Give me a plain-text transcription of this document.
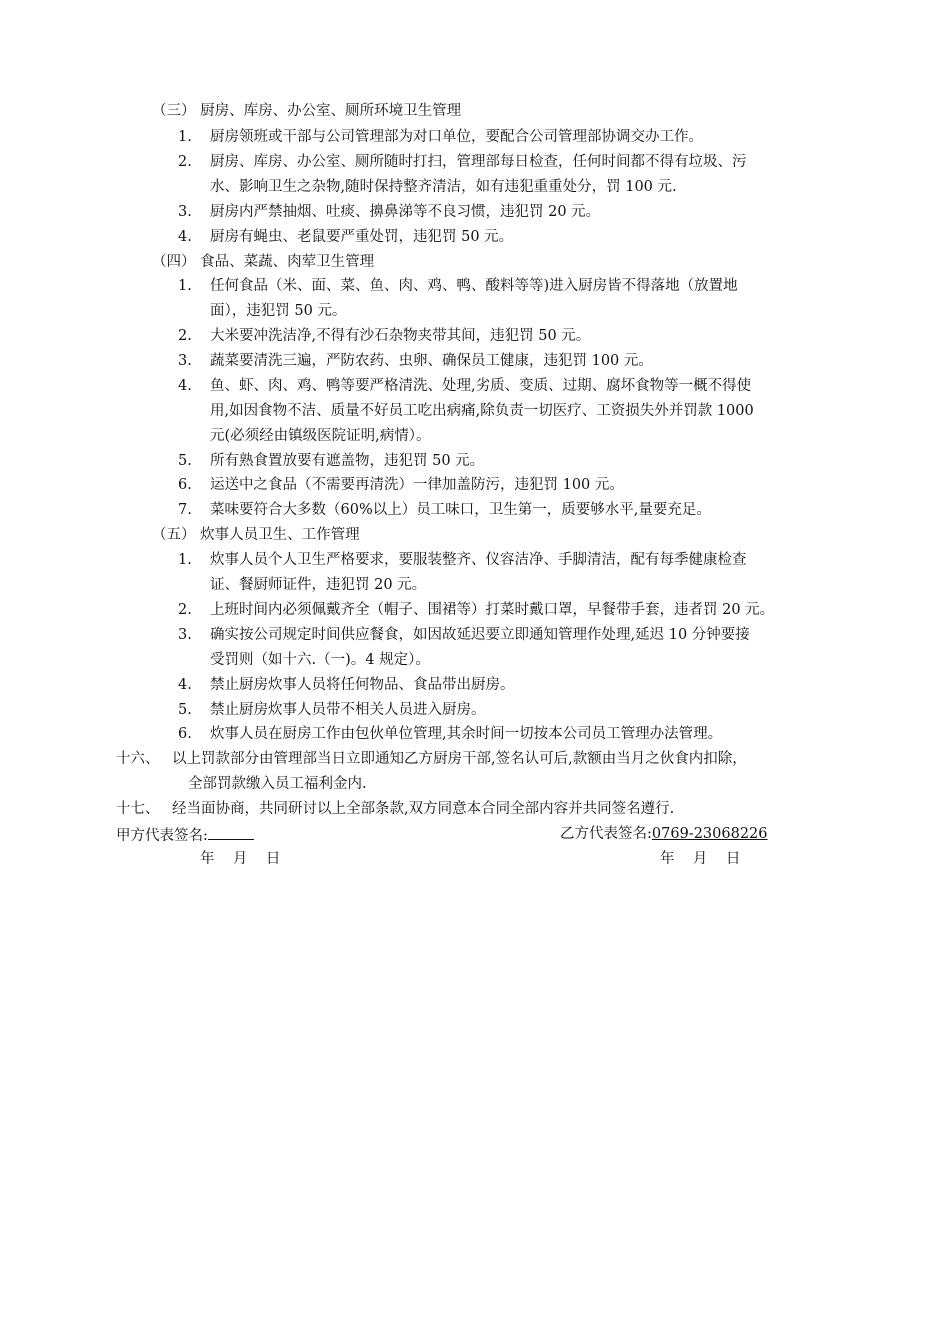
（三） 厨房、库房、办公室、厕所环境卫生管理
1. 厨房领班或干部与公司管理部为对口单位，要配合公司管理部协调交办工作。
2. 厨房、库房、办公室、厕所随时打扫，管理部每日检查，任何时间都不得有垃圾、污
水、影响卫生之杂物,随时保持整齐清洁，如有违犯重重处分，罚 100 元.
3. 厨房内严禁抽烟、吐痰、擤鼻涕等不良习惯，违犯罚 20 元。
4. 厨房有蝇虫、老鼠要严重处罚，违犯罚 50 元。
（四） 食品、菜蔬、肉荤卫生管理
1. 任何食品（米、面、菜、鱼、肉、鸡、鸭、酸料等等)进入厨房皆不得落地（放置地
面），违犯罚 50 元。
2. 大米要冲洗洁净,不得有沙石杂物夹带其间，违犯罚 50 元。
3. 蔬菜要清洗三遍，严防农药、虫卵、确保员工健康，违犯罚 100 元。
4. 鱼、虾、肉、鸡、鸭等要严格清洗、处理,劣质、变质、过期、腐坏食物等一概不得使
用,如因食物不洁、质量不好员工吃出病痛,除负责一切医疗、工资损失外并罚款 1000
元(必须经由镇级医院证明,病情）。
5. 所有熟食置放要有遮盖物，违犯罚 50 元。
6. 运送中之食品（不需要再清洗）一律加盖防污，违犯罚 100 元。
7. 菜味要符合大多数（60%以上）员工味口，卫生第一，质要够水平,量要充足。
（五） 炊事人员卫生、工作管理
1. 炊事人员个人卫生严格要求，要服装整齐、仪容洁净、手脚清洁，配有每季健康检查
证、餐厨师证件，违犯罚 20 元。
2. 上班时间内必须佩戴齐全（帽子、围裙等）打菜时戴口罩，早餐带手套，违者罚 20 元。
3. 确实按公司规定时间供应餐食，如因故延迟要立即通知管理作处理,延迟 10 分钟要接
受罚则（如十六.（一)。4 规定）。
4. 禁止厨房炊事人员将任何物品、食品带出厨房。
5. 禁止厨房炊事人员带不相关人员进入厨房。
6. 炊事人员在厨房工作由包伙单位管理,其余时间一切按本公司员工管理办法管理。
十六、 以上罚款部分由管理部当日立即通知乙方厨房干部,签名认可后,款额由当月之伙食内扣除，
全部罚款缴入员工福利金内.
十七、 经当面协商，共同研讨以上全部条款,双方同意本合同全部内容并共同签名遵行.
甲方代表签名:	乙方代表签名:0769-23068226
年    月    日	年    月    日
